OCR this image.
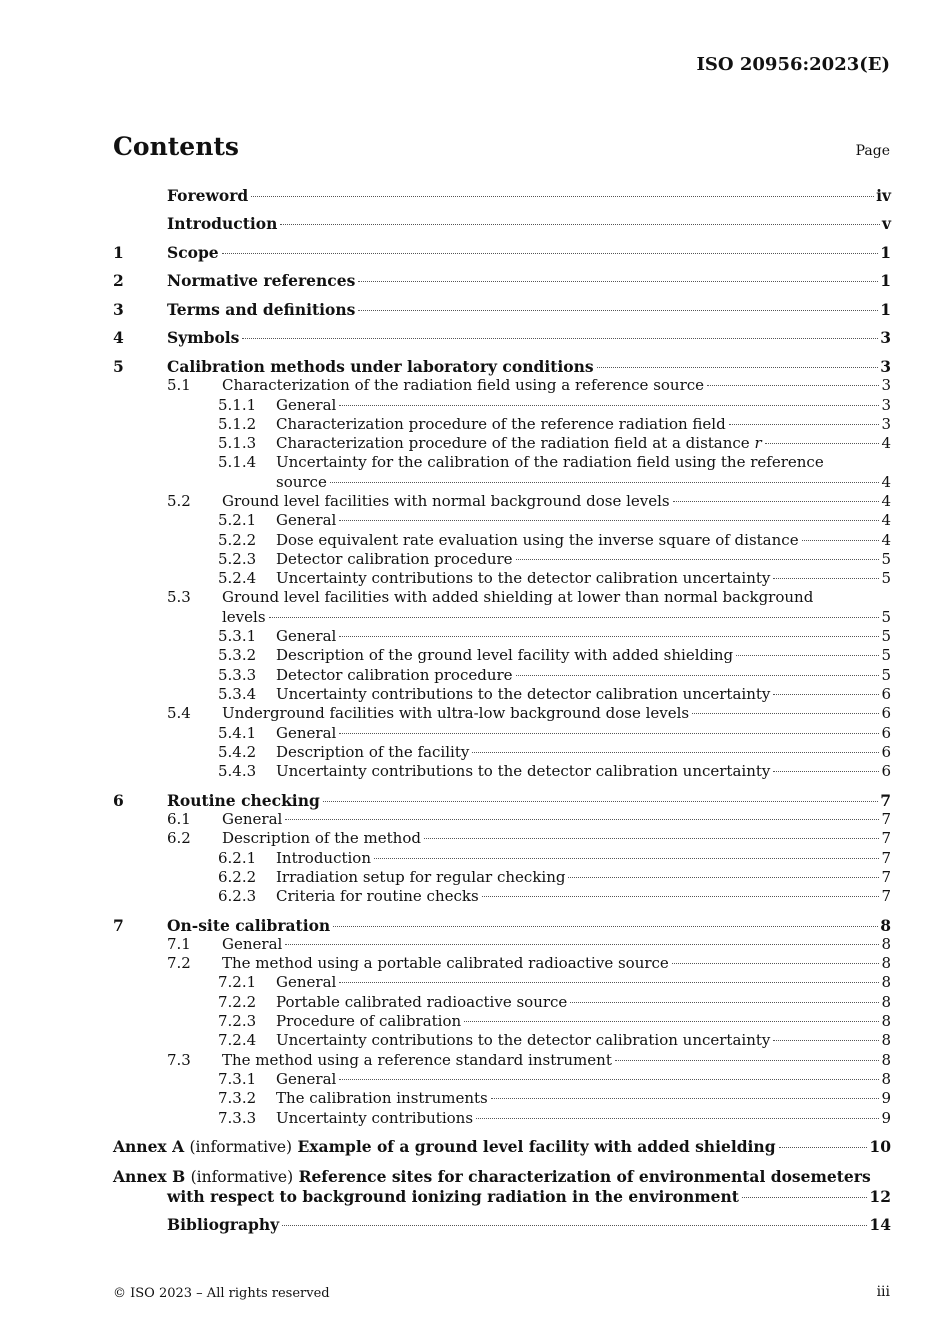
ISO 20956:2023(E)
Contents	Page
Foreword	iv
Introduction	v
1	Scope	1
2	Normative references	1
3	Terms and definitions	1
4	Symbols	3
5	Calibration methods under laboratory conditions	3
5.1	Characterization of the radiation field using a reference source	3
5.1.1	General	3
5.1.2	Characterization procedure of the reference radiation field	3
5.1.3	Characterization procedure of the radiation field at a distance r	4
5.1.4	Uncertainty for the calibration of the radiation field using the reference
source	4
5.2	Ground level facilities with normal background dose levels	4
5.2.1	General	4
5.2.2	Dose equivalent rate evaluation using the inverse square of distance	4
5.2.3	Detector calibration procedure	5
5.2.4	Uncertainty contributions to the detector calibration uncertainty	5
5.3	Ground level facilities with added shielding at lower than normal background
levels	5
5.3.1	General	5
5.3.2	Description of the ground level facility with added shielding	5
5.3.3	Detector calibration procedure	5
5.3.4	Uncertainty contributions to the detector calibration uncertainty	6
5.4	Underground facilities with ultra-low background dose levels	6
5.4.1	General	6
5.4.2	Description of the facility	6
5.4.3	Uncertainty contributions to the detector calibration uncertainty	6
6	Routine checking	7
6.1	General	7
6.2	Description of the method	7
6.2.1	Introduction	7
6.2.2	Irradiation setup for regular checking	7
6.2.3	Criteria for routine checks	7
7	On-site calibration	8
7.1	General	8
7.2	The method using a portable calibrated radioactive source	8
7.2.1	General	8
7.2.2	Portable calibrated radioactive source	8
7.2.3	Procedure of calibration	8
7.2.4	Uncertainty contributions to the detector calibration uncertainty	8
7.3	The method using a reference standard instrument	8
7.3.1	General	8
7.3.2	The calibration instruments	9
7.3.3	Uncertainty contributions	9
Annex A (informative) Example of a ground level facility with added shielding	10
Annex B (informative) Reference sites for characterization of environmental dosemeters
with respect to background ionizing radiation in the environment	12
Bibliography	14
© ISO 2023 – All rights reserved	iii
